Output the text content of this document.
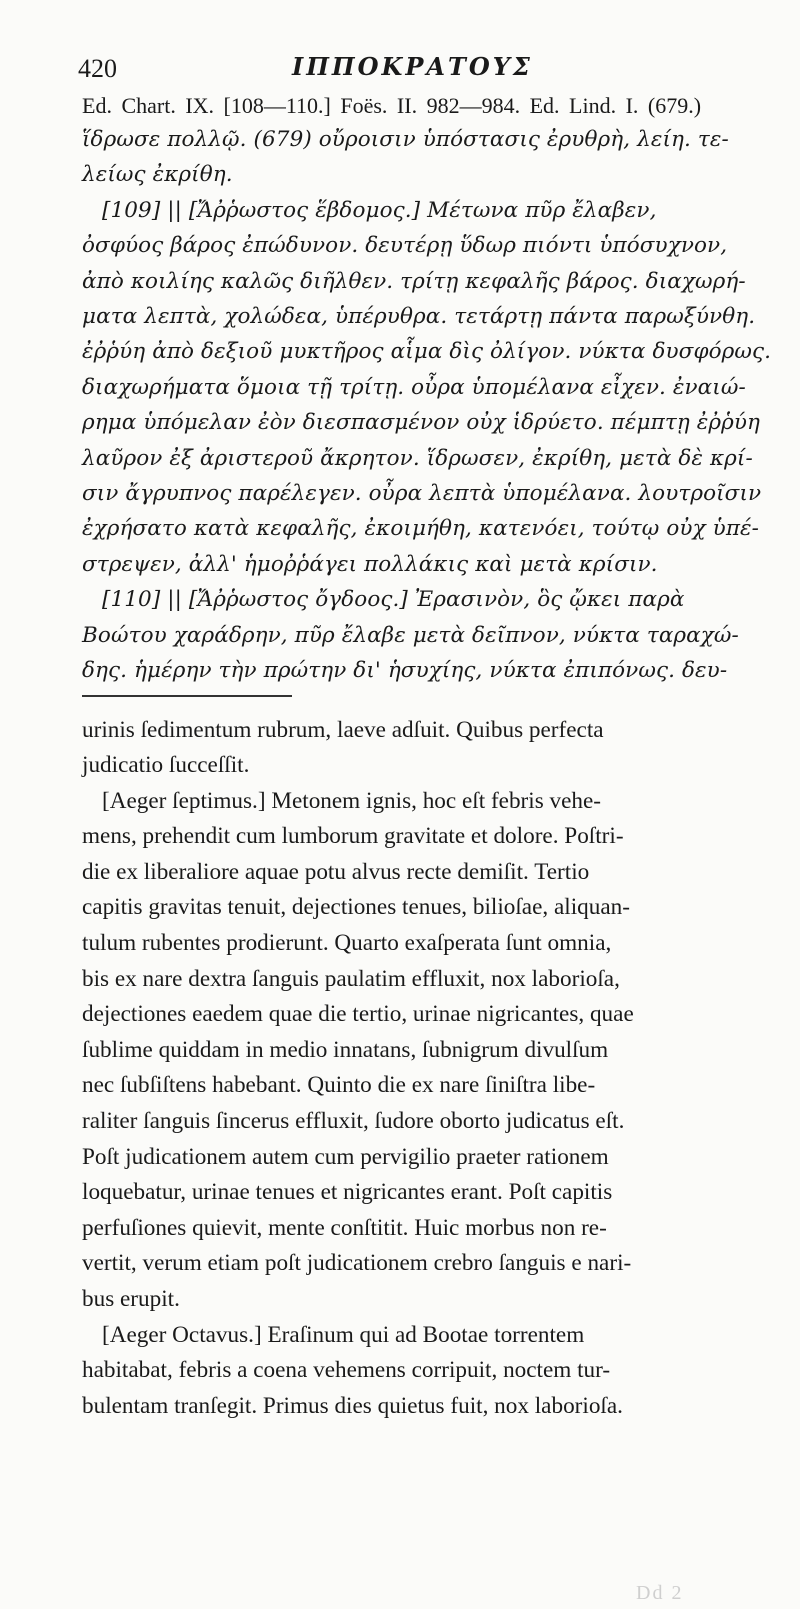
420	ΙΠΠΟΚΡΑΤΟΥΣ
Ed. Chart. IX. [108—110.] Foës. II. 982—984. Ed. Lind. I. (679.)
ἵδρωσε πολλῷ. (679) οὔροισιν ὑπόστασις ἐρυθρὴ, λείη. τε-
λείως ἐκρίθη.
[109] || [Ἄῤῥωστος ἕβδομος.] Μέτωνα πῦρ ἔλαβεν,
ὀσφύος βάρος ἐπώδυνον. δευτέρῃ ὕδωρ πιόντι ὑπόσυχνον,
ἀπὸ κοιλίης καλῶς διῆλθεν. τρίτῃ κεφαλῆς βάρος. διαχωρή-
ματα λεπτὰ, χολώδεα, ὑπέρυθρα. τετάρτῃ πάντα παρωξύνθη.
ἐῤῥύη ἀπὸ δεξιοῦ μυκτῆρος αἷμα δὶς ὀλίγον. νύκτα δυσφόρως.
διαχωρήματα ὅμοια τῇ τρίτῃ. οὖρα ὑπομέλανα εἶχεν. ἐναιώ-
ρημα ὑπόμελαν ἐὸν διεσπασμένον οὐχ ἱδρύετο. πέμπτῃ ἐῤῥύη
λαῦρον ἐξ ἀριστεροῦ ἄκρητον. ἵδρωσεν, ἐκρίθη, μετὰ δὲ κρί-
σιν ἄγρυπνος παρέλεγεν. οὖρα λεπτὰ ὑπομέλανα. λουτροῖσιν
ἐχρήσατο κατὰ κεφαλῆς, ἐκοιμήθη, κατενόει, τούτῳ οὐχ ὑπέ-
στρεψεν, ἀλλ' ἡμοῤῥάγει πολλάκις καὶ μετὰ κρίσιν.
[110] || [Ἄῤῥωστος ὄγδοος.] Ἐρασινὸν, ὃς ᾤκει παρὰ
Βοώτου χαράδρην, πῦρ ἔλαβε μετὰ δεῖπνον, νύκτα ταραχώ-
δης. ἡμέρην τὴν πρώτην δι' ἡσυχίης, νύκτα ἐπιπόνως. δευ-
urinis ſedimentum rubrum, laeve adſuit. Quibus perfecta
judicatio ſucceſſit.
[Aeger ſeptimus.] Metonem ignis, hoc eſt febris vehe-
mens, prehendit cum lumborum gravitate et dolore. Poſtri-
die ex liberaliore aquae potu alvus recte demiſit. Tertio
capitis gravitas tenuit, dejectiones tenues, bilioſae, aliquan-
tulum rubentes prodierunt. Quarto exaſperata ſunt omnia,
bis ex nare dextra ſanguis paulatim effluxit, nox laborioſa,
dejectiones eaedem quae die tertio, urinae nigricantes, quae
ſublime quiddam in medio innatans, ſubnigrum divulſum
nec ſubſiſtens habebant. Quinto die ex nare ſiniſtra libe-
raliter ſanguis ſincerus effluxit, ſudore oborto judicatus eſt.
Poſt judicationem autem cum pervigilio praeter rationem
loquebatur, urinae tenues et nigricantes erant. Poſt capitis
perfuſiones quievit, mente conſtitit. Huic morbus non re-
vertit, verum etiam poſt judicationem crebro ſanguis e nari-
bus erupit.
[Aeger Octavus.] Eraſinum qui ad Bootae torrentem
habitabat, febris a coena vehemens corripuit, noctem tur-
bulentam tranſegit. Primus dies quietus fuit, nox laborioſa.
Dd 2
